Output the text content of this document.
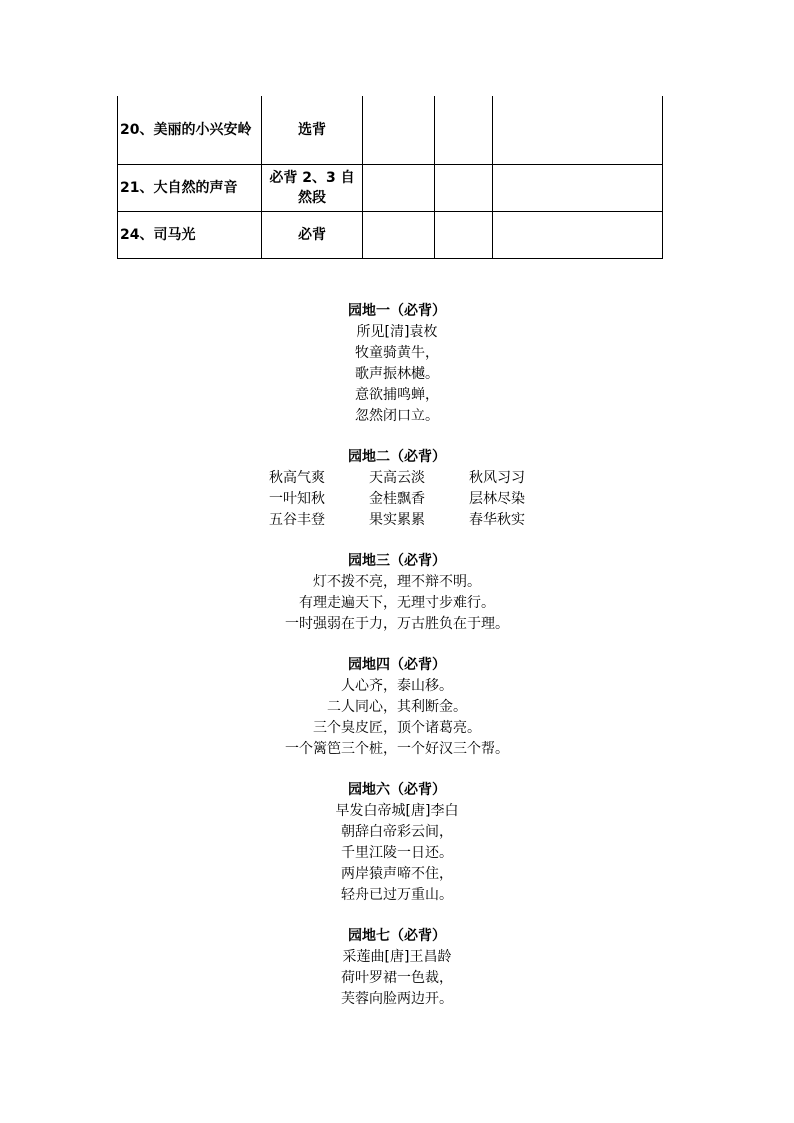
20、美丽的小兴安岭	选背			
21、大自然的声音	必背 2、3 自然段			
24、司马光	必背			
园地一（必背）
所见[清]袁枚
牧童骑黄牛，
歌声振林樾。
意欲捕鸣蝉，
忽然闭口立。
园地二（必背）
秋高气爽	天高云淡	秋风习习
一叶知秋	金桂飘香	层林尽染
五谷丰登	果实累累	春华秋实
园地三（必背）
灯不拨不亮，理不辩不明。
有理走遍天下，无理寸步难行。
一时强弱在于力，万古胜负在于理。
园地四（必背）
人心齐，泰山移。
二人同心，其利断金。
三个臭皮匠，顶个诸葛亮。
一个篱笆三个桩，一个好汉三个帮。
园地六（必背）
早发白帝城[唐]李白
朝辞白帝彩云间，
千里江陵一日还。
两岸猿声啼不住，
轻舟已过万重山。
园地七（必背）
采莲曲[唐]王昌龄
荷叶罗裙一色裁，
芙蓉向脸两边开。
